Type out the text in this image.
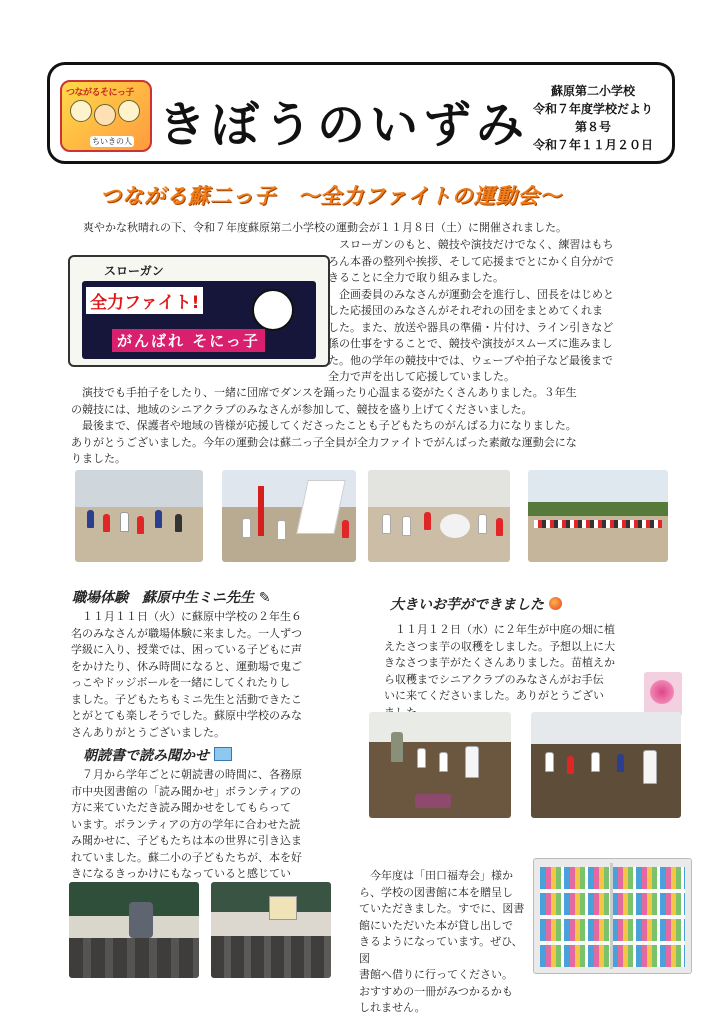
つながるそにっ子
ちいきの人 きぼうのいずみ
蘇原第二小学校
令和７年度学校だより
第８号
令和７年１１月２０日
つながる蘇二っ子　～全力ファイトの運動会～
爽やかな秋晴れの下、令和７年度蘇原第二小学校の運動会が１１月８日（土）に開催されました。
スローガン
全力ファイト!
がんばれ そにっ子
スローガンのもと、競技や演技だけでなく、練習はもち
ろん本番の整列や挨拶、そして応援までとにかく自分がで
きることに全力で取り組みました。
企画委員のみなさんが運動会を進行し、団長をはじめと
した応援団のみなさんがそれぞれの団をまとめてくれま
した。また、放送や器具の準備・片付け、ライン引きなど
係の仕事をすることで、競技や演技がスムーズに進みまし
た。他の学年の競技中では、ウェーブや拍子など最後まで
全力で声を出して応援していました。
演技でも手拍子をしたり、一緒に団席でダンスを踊ったり心温まる姿がたくさんありました。３年生
の競技には、地域のシニアクラブのみなさんが参加して、競技を盛り上げてくださいました。
最後まで、保護者や地域の皆様が応援してくださったことも子どもたちのがんばる力になりました。
ありがとうございました。今年の運動会は蘇二っ子全員が全力ファイトでがんばった素敵な運動会にな
りました。
職場体験　蘇原中生ミニ先生 ✎
１１月１１日（火）に蘇原中学校の２年生６
名のみなさんが職場体験に来ました。一人ずつ
学級に入り、授業では、困っている子どもに声
をかけたり、休み時間になると、運動場で鬼ご
っこやドッジボールを一緒にしてくれたりし
ました。子どもたちもミニ先生と活動できたこ
とがとても楽しそうでした。蘇原中学校のみな
さんありがとうございました。
大きいお芋ができました
１１月１２日（水）に２年生が中庭の畑に植
えたさつま芋の収穫をしました。予想以上に大
きなさつま芋がたくさんありました。苗植えか
ら収穫までシニアクラブのみなさんがお手伝
いに来てくださいました。ありがとうござい
朝読書で読み聞かせ
７月から学年ごとに朝読書の時間に、各務原
市中央図書館の「読み聞かせ」ボランティアの
方に来ていただき読み聞かせをしてもらって
います。ボランティアの方の学年に合わせた読
み聞かせに、子どもたちは本の世界に引き込ま
れていました。蘇二小の子どもたちが、本を好
きになるきっかけにもなっていると感じてい	今年度は「田口福寿会」様か
ら、学校の図書館に本を贈呈し
ていただきました。すでに、図書
館にいただいた本が貸し出しで
きるようになっています。ぜひ、図
書館へ借りに行ってください。
おすすめの一冊がみつかるかも
しれません。
